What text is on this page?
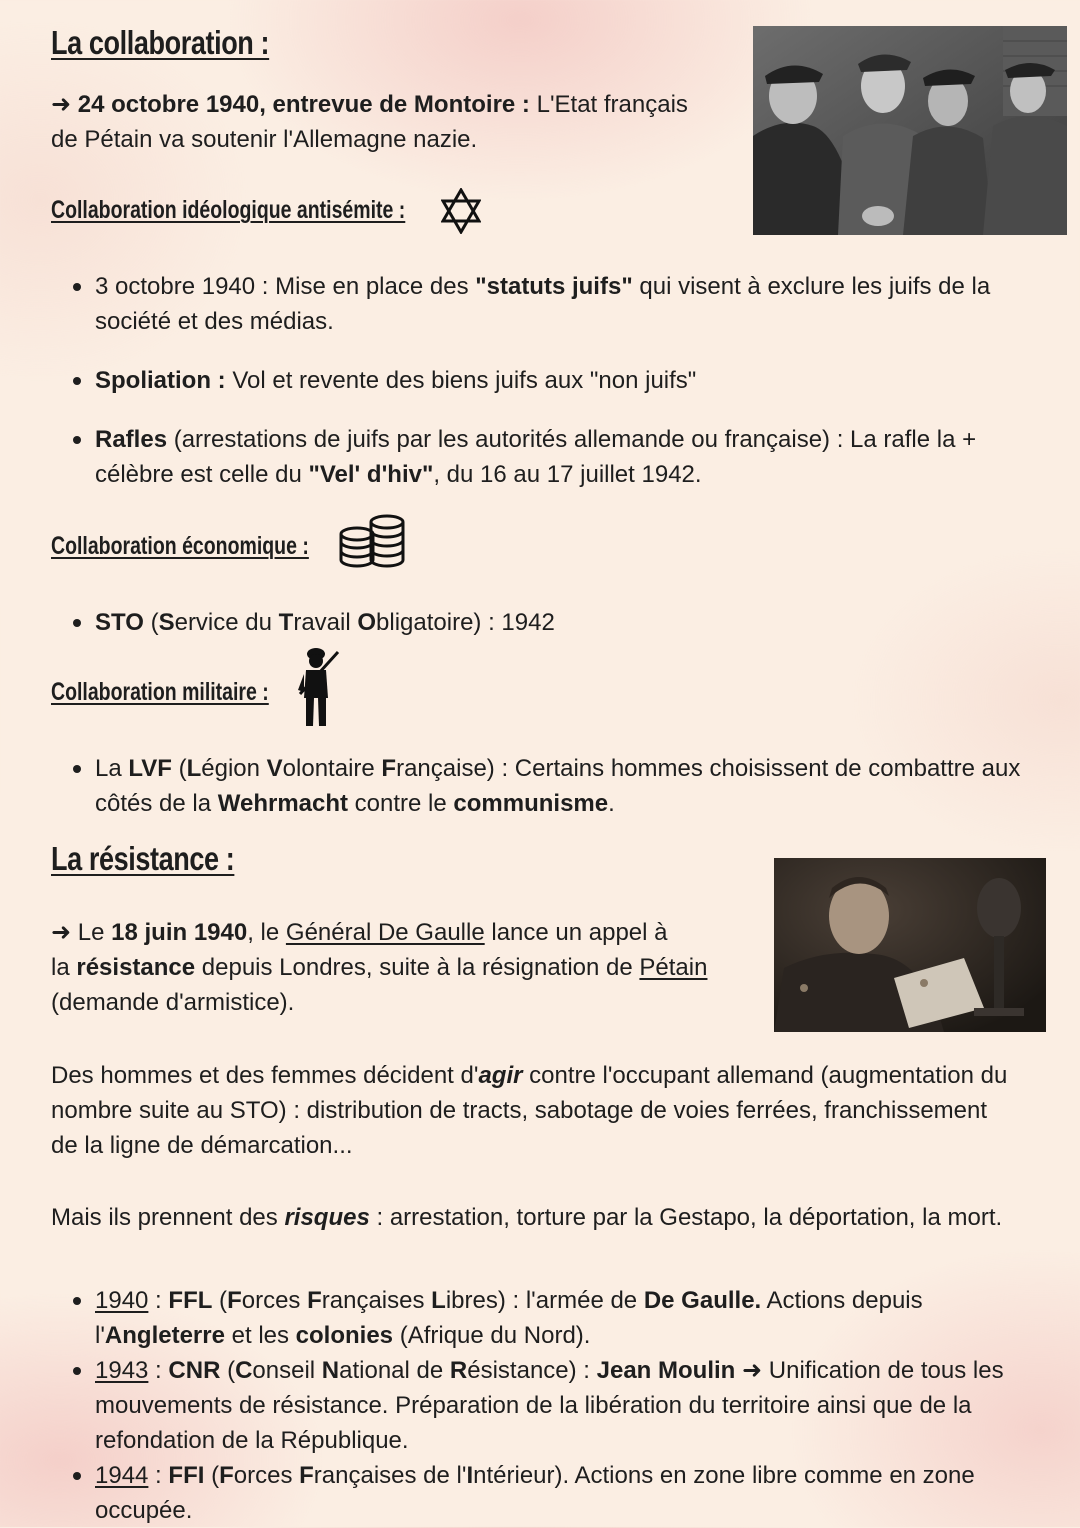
La collaboration :
➜ 24 octobre 1940, entrevue de Montoire : L'Etat français
de Pétain va soutenir l'Allemagne nazie.
Collaboration idéologique antisémite :
3 octobre 1940 : Mise en place des "statuts juifs" qui visent à exclure les juifs de la société et des médias.
Spoliation : Vol et revente des biens juifs aux "non juifs"
Rafles (arrestations de juifs par les autorités allemande ou française) : La rafle la + célèbre est celle du "Vel' d'hiv", du 16 au 17 juillet 1942.
Collaboration économique :
STO (Service du Travail Obligatoire) : 1942
Collaboration militaire :
La LVF (Légion Volontaire Française) : Certains hommes choisissent de combattre aux côtés de la Wehrmacht contre le communisme.
La résistance :
➜ Le 18 juin 1940, le Général De Gaulle lance un appel à
la résistance depuis Londres, suite à la résignation de Pétain
(demande d'armistice).
Des hommes et des femmes décident d'agir contre l'occupant allemand (augmentation du nombre suite au STO) : distribution de tracts, sabotage de voies ferrées, franchissement de la ligne de démarcation...
Mais ils prennent des risques : arrestation, torture par la Gestapo, la déportation, la mort.
1940 : FFL (Forces Françaises Libres) : l'armée de De Gaulle. Actions depuis l'Angleterre et les colonies (Afrique du Nord).
1943 : CNR (Conseil National de Résistance) : Jean Moulin ➜ Unification de tous les mouvements de résistance. Préparation de la libération du territoire ainsi que de la refondation de la République.
1944 : FFI (Forces Françaises de l'Intérieur). Actions en zone libre comme en zone occupée.
